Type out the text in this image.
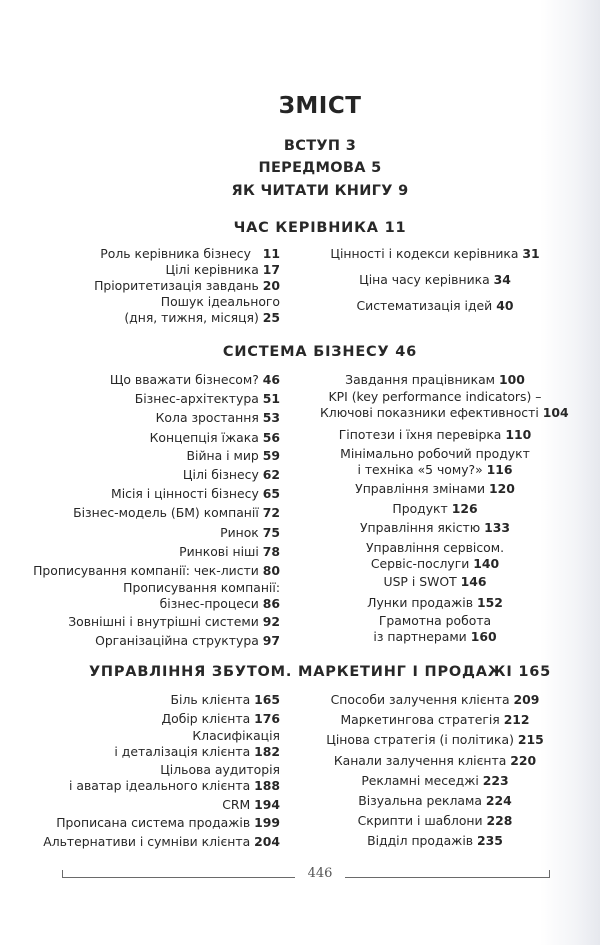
ЗМІСТ
ВСТУП 3
ПЕРЕДМОВА 5
ЯК ЧИТАТИ КНИГУ 9
ЧАС КЕРІВНИКА 11
Роль керівника бізнесу 11
Цілі керівника 17
Пріоритетизація завдань 20
Пошук ідеального
(дня, тижня, місяця) 25
Цінності і кодекси керівника 31
Ціна часу керівника 34
Систематизація ідей 40
СИСТЕМА БІЗНЕСУ 46
Що вважати бізнесом? 46
Бізнес-архітектура 51
Кола зростання 53
Концепція їжака 56
Війна і мир 59
Цілі бізнесу 62
Місія і цінності бізнесу 65
Бізнес-модель (БМ) компанії 72
Ринок 75
Ринкові ніші 78
Прописування компанії: чек-листи 80
Прописування компанії:
бізнес-процеси 86
Зовнішні і внутрішні системи 92
Організаційна структура 97
Завдання працівникам 100
KPI (key performance indicators) –
Ключові показники ефективності 104
Гіпотези і їхня перевірка 110
Мінімально робочий продукт
і техніка «5 чому?» 116
Управління змінами 120
Продукт 126
Управління якістю 133
Управління сервісом.
Сервіс-послуги 140
USP і SWOT 146
Лунки продажів 152
Грамотна робота
із партнерами 160
УПРАВЛІННЯ ЗБУТОМ. МАРКЕТИНГ І ПРОДАЖІ 165
Біль клієнта 165
Добір клієнта 176
Класифікація
і деталізація клієнта 182
Цільова аудиторія
і аватар ідеального клієнта 188
CRM 194
Прописана система продажів 199
Альтернативи і сумніви клієнта 204
Способи залучення клієнта 209
Маркетингова стратегія 212
Цінова стратегія (і політика) 215
Канали залучення клієнта 220
Рекламні меседжі 223
Візуальна реклама 224
Скрипти і шаблони 228
Відділ продажів 235
446
